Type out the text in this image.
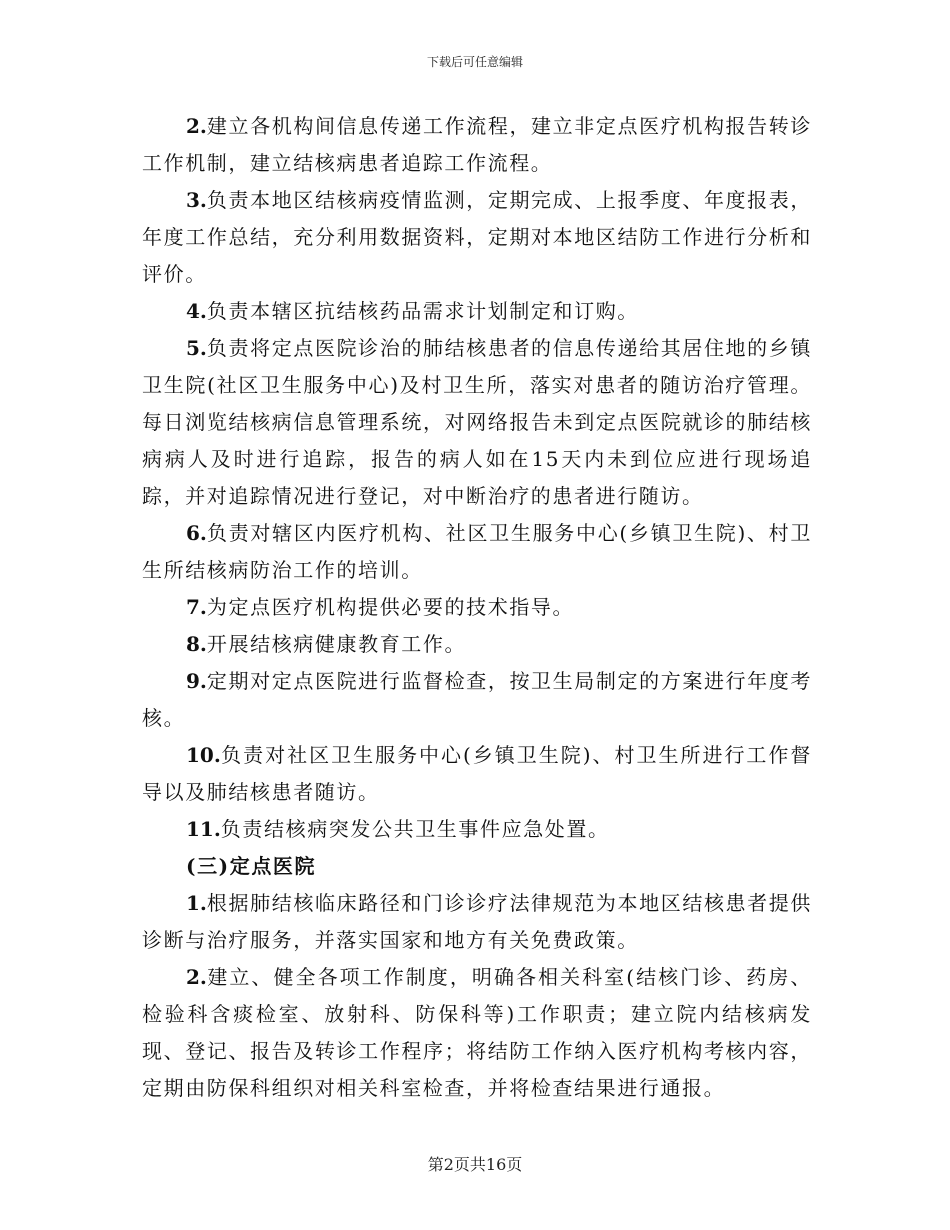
下载后可任意编辑

2.建立各机构间信息传递工作流程，建立非定点医疗机构报告转诊工作机制，建立结核病患者追踪工作流程。

3.负责本地区结核病疫情监测，定期完成、上报季度、年度报表，年度工作总结，充分利用数据资料，定期对本地区结防工作进行分析和评价。

4.负责本辖区抗结核药品需求计划制定和订购。

5.负责将定点医院诊治的肺结核患者的信息传递给其居住地的乡镇卫生院(社区卫生服务中心)及村卫生所，落实对患者的随访治疗管理。每日浏览结核病信息管理系统，对网络报告未到定点医院就诊的肺结核病病人及时进行追踪，报告的病人如在15天内未到位应进行现场追踪，并对追踪情况进行登记，对中断治疗的患者进行随访。

6.负责对辖区内医疗机构、社区卫生服务中心(乡镇卫生院)、村卫生所结核病防治工作的培训。

7.为定点医疗机构提供必要的技术指导。

8.开展结核病健康教育工作。

9.定期对定点医院进行监督检查，按卫生局制定的方案进行年度考核。

10.负责对社区卫生服务中心(乡镇卫生院)、村卫生所进行工作督导以及肺结核患者随访。

11.负责结核病突发公共卫生事件应急处置。

(三)定点医院

1.根据肺结核临床路径和门诊诊疗法律规范为本地区结核患者提供诊断与治疗服务，并落实国家和地方有关免费政策。

2.建立、健全各项工作制度，明确各相关科室(结核门诊、药房、检验科含痰检室、放射科、防保科等)工作职责；建立院内结核病发现、登记、报告及转诊工作程序；将结防工作纳入医疗机构考核内容，定期由防保科组织对相关科室检查，并将检查结果进行通报。

第2页共16页
